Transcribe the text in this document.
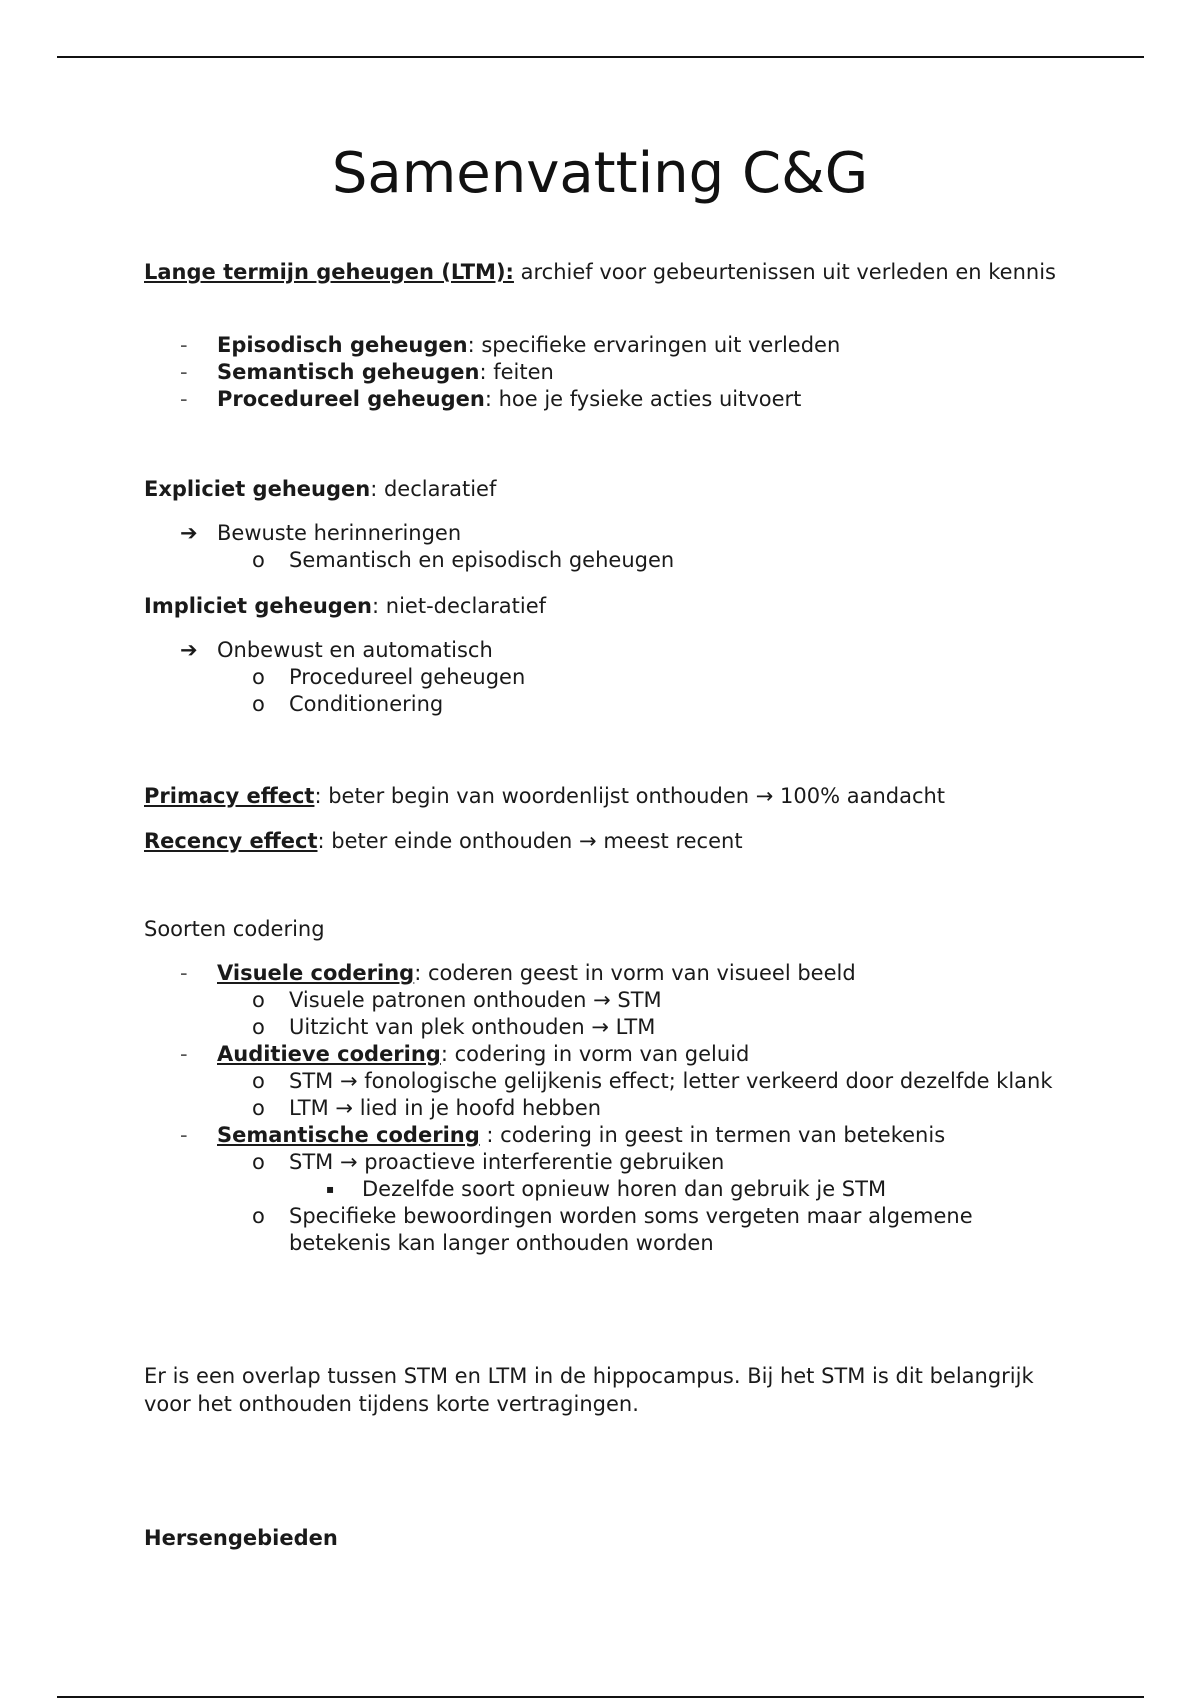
Samenvatting C&G

Lange termijn geheugen (LTM): archief voor gebeurtenissen uit verleden en kennis

- Episodisch geheugen: specifieke ervaringen uit verleden
- Semantisch geheugen: feiten
- Procedureel geheugen: hoe je fysieke acties uitvoert

Expliciet geheugen: declaratief

➔ Bewuste herinneringen
o Semantisch en episodisch geheugen

Impliciet geheugen: niet-declaratief

➔ Onbewust en automatisch
o Procedureel geheugen
o Conditionering

Primacy effect: beter begin van woordenlijst onthouden → 100% aandacht

Recency effect: beter einde onthouden → meest recent

Soorten codering

- Visuele codering: coderen geest in vorm van visueel beeld
o Visuele patronen onthouden → STM
o Uitzicht van plek onthouden → LTM
- Auditieve codering: codering in vorm van geluid
o STM → fonologische gelijkenis effect; letter verkeerd door dezelfde klank
o LTM → lied in je hoofd hebben
- Semantische codering : codering in geest in termen van betekenis
o STM → proactieve interferentie gebruiken
▪ Dezelfde soort opnieuw horen dan gebruik je STM
o Specifieke bewoordingen worden soms vergeten maar algemene betekenis kan langer onthouden worden

Er is een overlap tussen STM en LTM in de hippocampus. Bij het STM is dit belangrijk voor het onthouden tijdens korte vertragingen.

Hersengebieden
